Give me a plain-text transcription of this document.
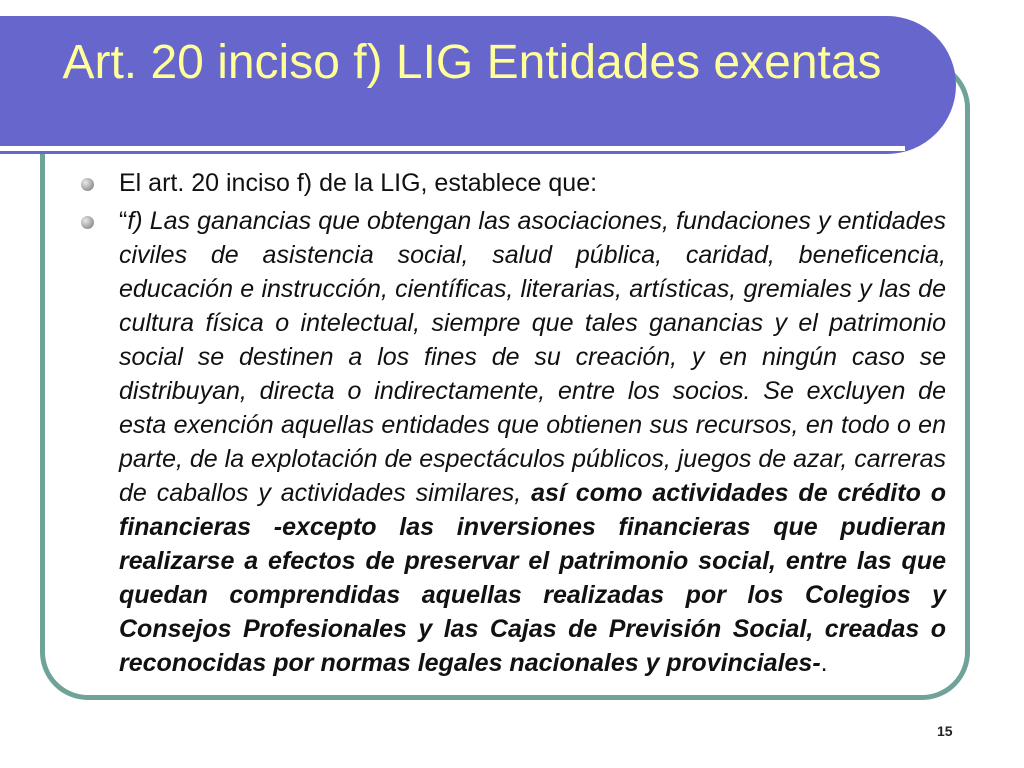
Art. 20 inciso f) LIG Entidades exentas
El art. 20 inciso f) de la LIG, establece que:
“f) Las ganancias que obtengan las asociaciones, fundaciones y entidades civiles de asistencia social, salud pública, caridad, beneficencia, educación e instrucción, científicas, literarias, artísticas, gremiales y las de cultura física o intelectual, siempre que tales ganancias y el patrimonio social se destinen a los fines de su creación, y en ningún caso se distribuyan, directa o indirectamente, entre los socios. Se excluyen de esta exención aquellas entidades que obtienen sus recursos, en todo o en parte, de la explotación de espectáculos públicos, juegos de azar, carreras de caballos y actividades similares, así como actividades de crédito o financieras -excepto las inversiones financieras que pudieran realizarse a efectos de preservar el patrimonio social, entre las que quedan comprendidas aquellas realizadas por los Colegios y Consejos Profesionales y las Cajas de Previsión Social, creadas o reconocidas por normas legales nacionales y provinciales-.
15
